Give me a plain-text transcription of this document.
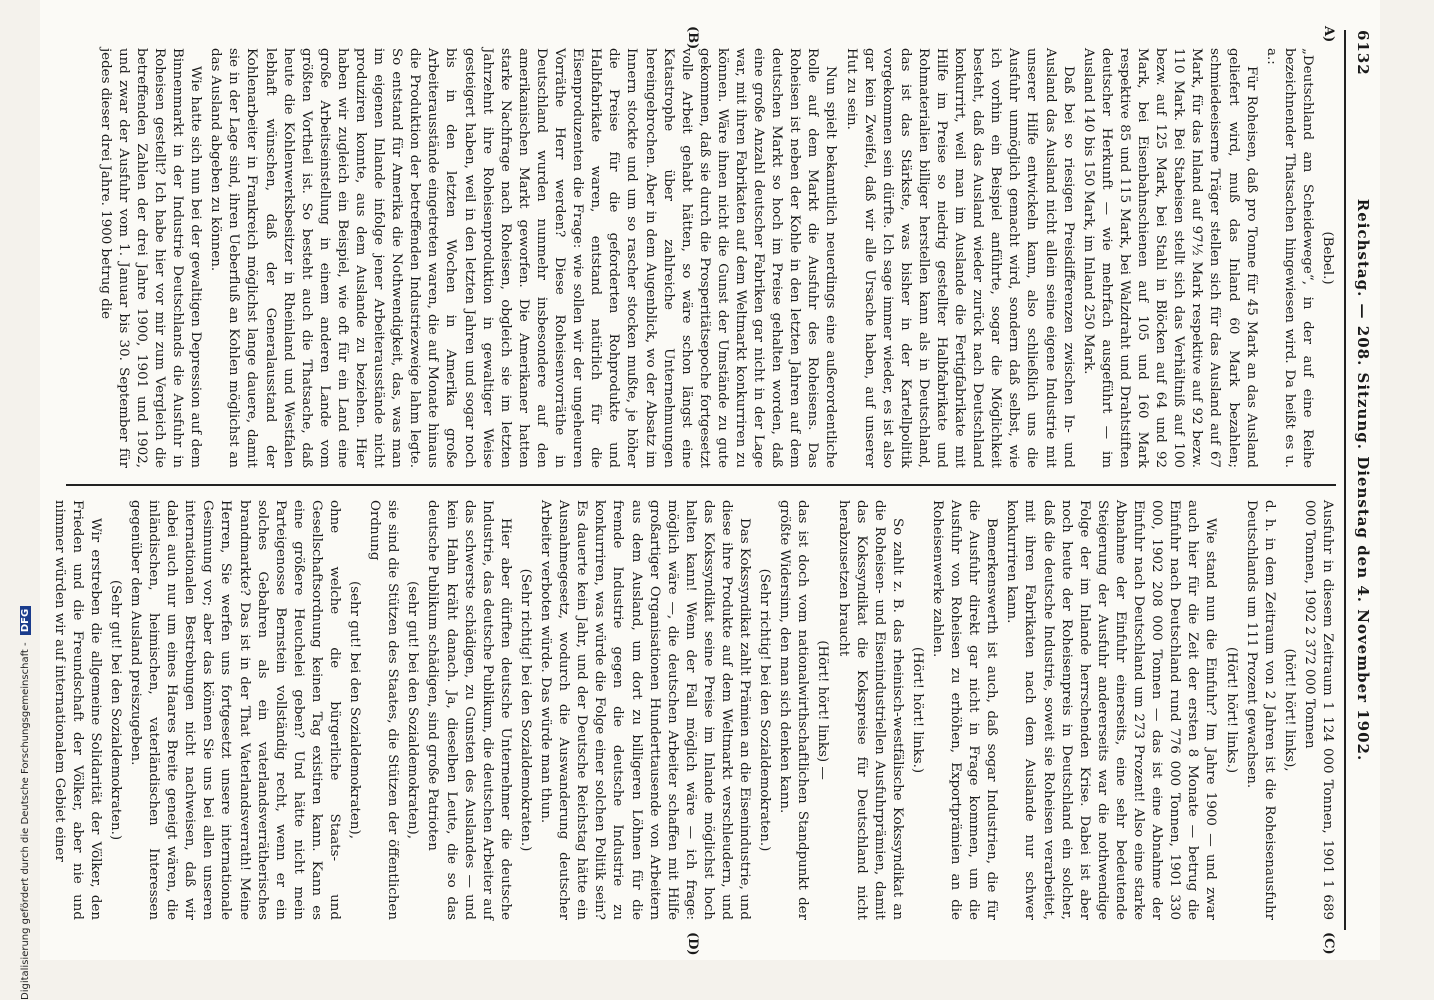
6132
Reichstag. — 208. Sitzung. Dienstag den 4. November 1902.
A)
(B)
(C)
(D)

(Bebel.)

„Deutschland am Scheidewege“, in der auf eine Reihe bezeichnender Thatsachen hingewiesen wird. Da heißt es u. a.:

Für Roheisen, daß pro Tonne für 45 Mark an das Ausland geliefert wird, muß das Inland 60 Mark bezahlen; schmiedeeiserne Träger stellen sich für das Ausland auf 67 Mark, für das Inland auf 97½ Mark respektive auf 92 bezw. 110 Mark. Bei Stabeisen stellt sich das Verhältniß auf 100 bezw. auf 125 Mark, bei Stahl in Blöcken auf 64 und 92 Mark, bei Eisenbahnschienen auf 105 und 160 Mark respektive 85 und 115 Mark, bei Walzdraht und Drahtstiften deutscher Herkunft — wie mehrfach ausgeführt — im Ausland 140 bis 150 Mark, im Inland 250 Mark.

Daß bei so riesigen Preisdifferenzen zwischen In- und Ausland das Ausland nicht allein seine eigene Industrie mit unserer Hilfe entwickeln kann, also schließlich uns die Ausfuhr unmöglich gemacht wird, sondern daß selbst, wie ich vorhin ein Beispiel anführte, sogar die Möglichkeit besteht, daß das Ausland wieder zurück nach Deutschland konkurrirt, weil man im Auslande die Fertigfabrikate mit Hilfe im Preise so niedrig gestellter Halbfabrikate und Rohmaterialien billiger herstellen kann als in Deutschland, das ist das Stärkste, was bisher in der Kartellpolitik vorgekommen sein dürfte. Ich sage immer wieder, es ist also gar kein Zweifel, daß wir alle Ursache haben, auf unserer Hut zu sein.

Nun spielt bekanntlich neuerdings eine außerordentliche Rolle auf dem Markt die Ausfuhr des Roheisens. Das Roheisen ist neben der Kohle in den letzten Jahren auf dem deutschen Markt so hoch im Preise gehalten worden, daß eine große Anzahl deutscher Fabriken gar nicht in der Lage war, mit ihren Fabrikaten auf dem Weltmarkt konkurriren zu können. Wäre ihnen nicht die Gunst der Umstände zu gute gekommen, daß sie durch die Prosperitätsepoche fortgesetzt volle Arbeit gehabt hätten, so wäre schon längst eine Katastrophe über zahlreiche Unternehmungen hereingebrochen. Aber in dem Augenblick, wo der Absatz im Innern stockte und um so rascher stocken mußte, je höher die Preise für die geforderten Rohprodukte und Halbfabrikate waren, entstand natürlich für die Eisenproduzenten die Frage: wie sollen wir der ungeheuren Vorräthe Herr werden? Diese Roheisenvorräthe in Deutschland wurden nunmehr insbesondere auf den amerikanischen Markt geworfen. Die Amerikaner hatten starke Nachfrage nach Roheisen, obgleich sie im letzten Jahrzehnt ihre Roheisenproduktion in gewaltiger Weise gesteigert haben, weil in den letzten Jahren und sogar noch bis in den letzten Wochen in Amerika große Arbeiterausstände eingetreten waren, die auf Monate hinaus die Produktion der betreffenden Industriezweige lahm legte. So entstand für Amerika die Nothwendigkeit, das, was man im eigenen Inlande infolge jener Arbeiterausstände nicht produziren konnte, aus dem Auslande zu beziehen. Hier haben wir zugleich ein Beispiel, wie oft für ein Land eine große Arbeitseinstellung in einem anderen Lande vom größten Vortheil ist. So besteht auch die Thatsache, daß heute die Kohlenwerksbesitzer in Rheinland und Westfalen lebhaft wünschen, daß der Generalausstand der Kohlenarbeiter in Frankreich möglichst lange dauere, damit sie in der Lage sind, ihren Ueberfluß an Kohlen möglichst an das Ausland abgeben zu können.

Wie hatte sich nun bei der gewaltigen Depression auf dem Binnenmarkt in der Industrie Deutschlands die Ausfuhr in Roheisen gestellt? Ich habe hier vor mir zum Vergleich die betreffenden Zahlen der drei Jahre 1900, 1901 und 1902, und zwar der Ausfuhr vom 1. Januar bis 30. September für jedes dieser drei Jahre. 1900 betrug die

Ausfuhr in diesem Zeitraum 1 124 000 Tonnen, 1901 1 689 000 Tonnen, 1902 2 372 000 Tonnen

(hört! hört! links),

d. h. in dem Zeitraum von 2 Jahren ist die Roheisenausfuhr Deutschlands um 111 Prozent gewachsen.

(Hört! hört! links.)

Wie stand nun die Einfuhr? Im Jahre 1900 — und zwar auch hier für die Zeit der ersten 8 Monate — betrug die Einfuhr nach Deutschland rund 776 000 Tonnen, 1901 330 000, 1902 208 000 Tonnen — das ist eine Abnahme der Einfuhr nach Deutschland um 273 Prozent! Also eine starke Abnahme der Einfuhr einerseits, eine sehr bedeutende Steigerung der Ausfuhr andererseits war die nothwendige Folge der im Inlande herrschenden Krise. Dabei ist aber noch heute der Roheisenpreis in Deutschland ein solcher, daß die deutsche Industrie, soweit sie Roheisen verarbeitet, mit ihren Fabrikaten nach dem Auslande nur schwer konkurriren kann.

Bemerkenswerth ist auch, daß sogar Industrien, die für die Ausfuhr direkt gar nicht in Frage kommen, um die Ausfuhr von Roheisen zu erhöhen, Exportprämien an die Roheisenwerke zahlen.

(Hört! hört! links.)

So zahlt z. B. das rheinisch-westfälische Kokssyndikat an die Roheisen- und Eisenindustriellen Ausfuhrprämien, damit das Kokssyndikat die Kokspreise für Deutschland nicht herabzusetzen braucht

(Hört! hört! links) —

das ist doch vom nationalwirthschaftlichen Standpunkt der größte Widersinn, den man sich denken kann.

(Sehr richtig! bei den Sozialdemokraten.)

Das Kokssyndikat zahlt Prämien an die Eisenindustrie, und diese ihre Produkte auf dem Weltmarkt verschleudern, und das Kokssyndikat seine Preise im Inlande möglichst hoch halten kann! Wenn der Fall möglich wäre — ich frage: möglich wäre —, die deutschen Arbeiter schaffen mit Hilfe großartiger Organisationen Hunderttausende von Arbeitern aus dem Ausland, um dort zu billigeren Löhnen für die fremde Industrie gegen die deutsche Industrie zu konkurriren, was würde die Folge einer solchen Politik sein? Es dauerte kein Jahr, und der Deutsche Reichstag hätte ein Ausnahmegesetz, wodurch die Auswanderung deutscher Arbeiter verboten würde. Das würde man thun.

(Sehr richtig! bei den Sozialdemokraten.)

Hier aber dürften deutsche Unternehmer die deutsche Industrie, das deutsche Publikum, die deutschen Arbeiter auf das schwerste schädigen, zu Gunsten des Auslandes — und kein Hahn kräht danach. Ja, dieselben Leute, die so das deutsche Publikum schädigen, sind große Patrioten

(sehr gut! bei den Sozialdemokraten),

sie sind die Stützen des Staates, die Stützen der öffentlichen Ordnung

(sehr gut! bei den Sozialdemokraten),

ohne welche die bürgerliche Staats- und Gesellschaftsordnung keinen Tag existiren kann. Kann es eine größere Heuchelei geben? Und hätte nicht mein Parteigenosse Bernstein vollständig recht, wenn er ein solches Gebahren als ein vaterlandsverrätherisches brandmarkte? Das ist in der That Vaterlandsverrath! Meine Herren, Sie werfen uns fortgesetzt unsere internationale Gesinnung vor; aber das können Sie uns bei allen unseren internationalen Bestrebungen nicht nachweisen, daß wir dabei auch nur um eines Haares Breite geneigt wären, die inländischen, heimischen, vaterländischen Interessen gegenüber dem Ausland preiszugeben.

(Sehr gut! bei den Sozialdemokraten.)

Wir erstreben die allgemeine Solidarität der Völker, den Frieden und die Freundschaft der Völker, aber nie und nimmer würden wir auf internationalem Gebiet einer

Digitalisierung gefördert durch die Deutsche Forschungsgemeinschaft - DFG
